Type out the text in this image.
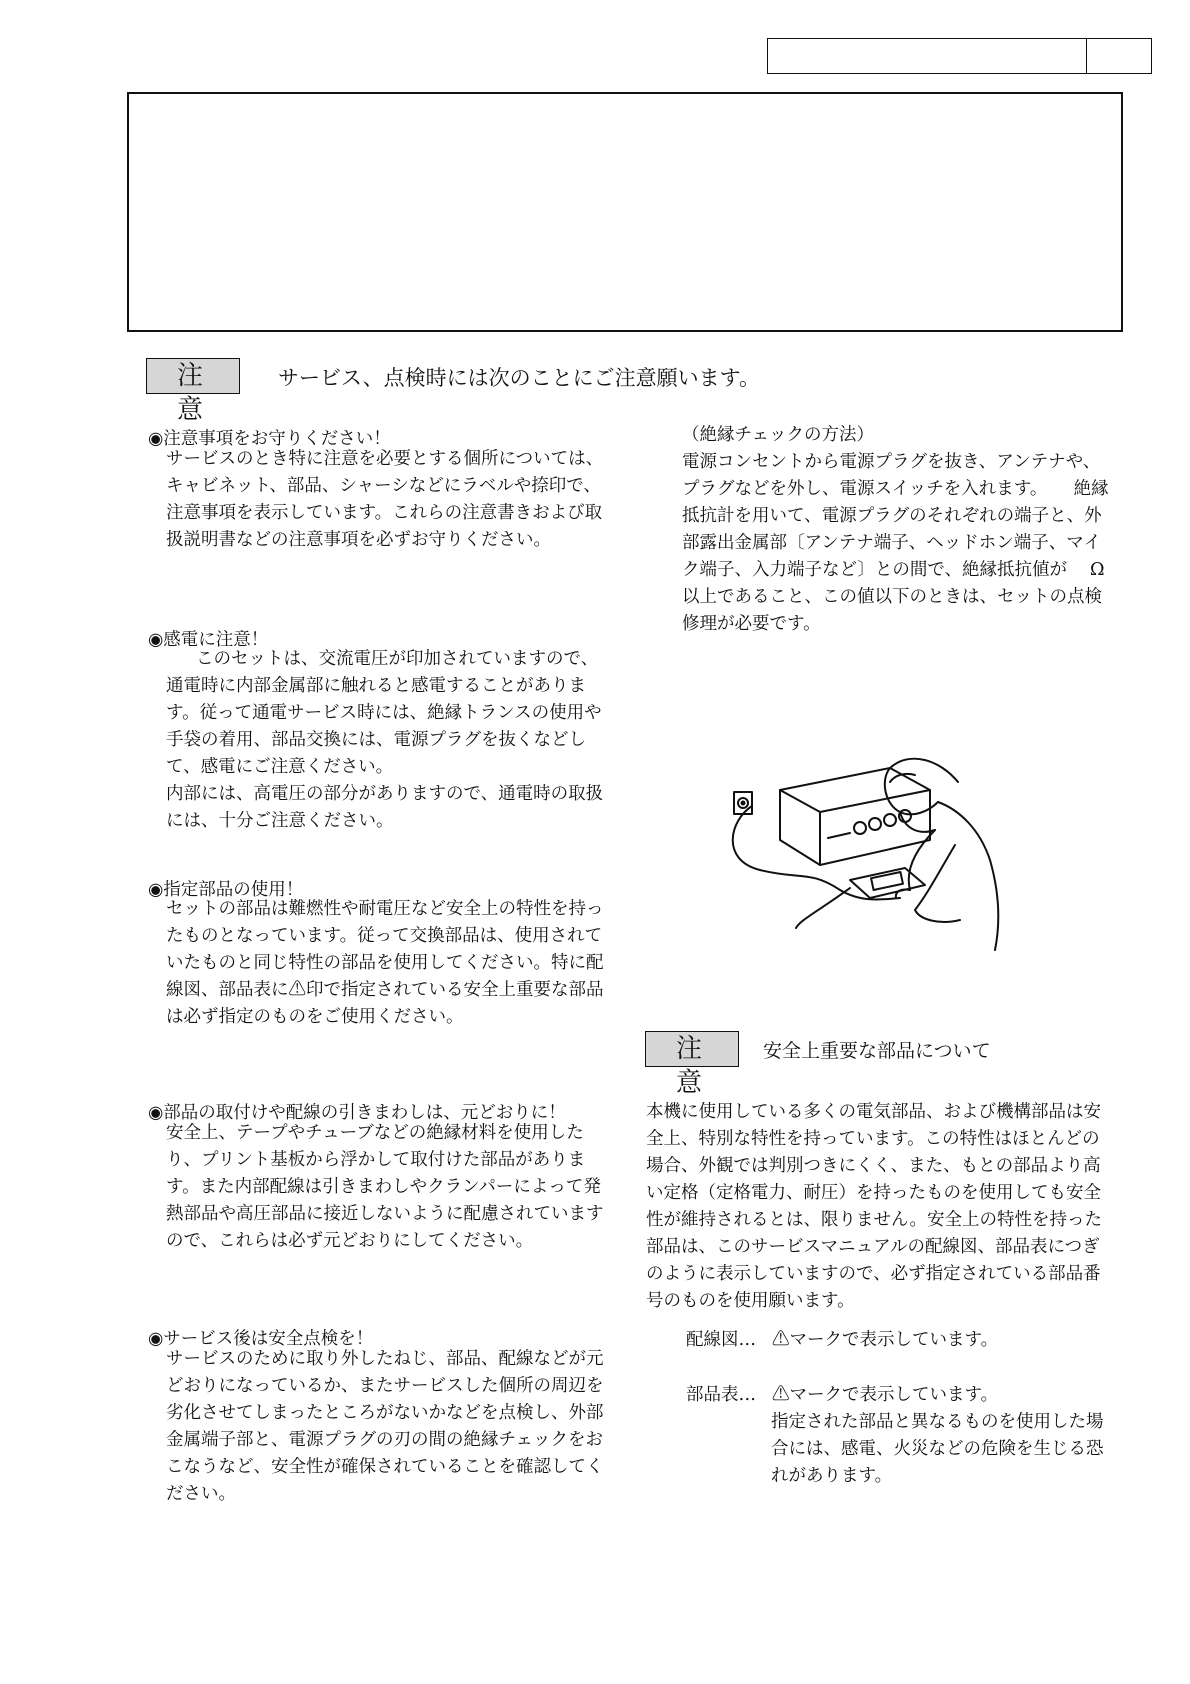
注　意
サービス、点検時には次のことにご注意願います。
◉注意事項をお守りください！
サービスのとき特に注意を必要とする個所については、キャビネット、部品、シャーシなどにラベルや捺印で、注意事項を表示しています。これらの注意書きおよび取扱説明書などの注意事項を必ずお守りください。
◉感電に注意！
このセットは、交流電圧が印加されていますので、通電時に内部金属部に触れると感電することがあります。従って通電サービス時には、絶縁トランスの使用や手袋の着用、部品交換には、電源プラグを抜くなどして、感電にご注意ください。
内部には、高電圧の部分がありますので、通電時の取扱には、十分ご注意ください。
◉指定部品の使用！
セットの部品は難燃性や耐電圧など安全上の特性を持ったものとなっています。従って交換部品は、使用されていたものと同じ特性の部品を使用してください。特に配線図、部品表に⚠印で指定されている安全上重要な部品は必ず指定のものをご使用ください。
◉部品の取付けや配線の引きまわしは、元どおりに！
安全上、テープやチューブなどの絶縁材料を使用したり、プリント基板から浮かして取付けた部品があります。また内部配線は引きまわしやクランパーによって発熱部品や高圧部品に接近しないように配慮されていますので、これらは必ず元どおりにしてください。
◉サービス後は安全点検を！
サービスのために取り外したねじ、部品、配線などが元どおりになっているか、またサービスした個所の周辺を劣化させてしまったところがないかなどを点検し、外部金属端子部と、電源プラグの刃の間の絶縁チェックをおこなうなど、安全性が確保されていることを確認してください。
（絶縁チェックの方法）
電源コンセントから電源プラグを抜き、アンテナや、プラグなどを外し、電源スイッチを入れます。　　絶縁抵抗計を用いて、電源プラグのそれぞれの端子と、外部露出金属部〔アンテナ端子、ヘッドホン端子、マイク端子、入力端子など〕との間で、絶縁抵抗値が　 Ω以上であること、この値以下のときは、セットの点検修理が必要です。
注　意
安全上重要な部品について
本機に使用している多くの電気部品、および機構部品は安全上、特別な特性を持っています。この特性はほとんどの場合、外観では判別つきにくく、また、もとの部品より高い定格（定格電力、耐圧）を持ったものを使用しても安全性が維持されるとは、限りません。安全上の特性を持った部品は、このサービスマニュアルの配線図、部品表につぎのように表示していますので、必ず指定されている部品番号のものを使用願います。
配線図… ⚠マークで表示しています。
部品表… ⚠マークで表示しています。
指定された部品と異なるものを使用した場合には、感電、火災などの危険を生じる恐れがあります。
